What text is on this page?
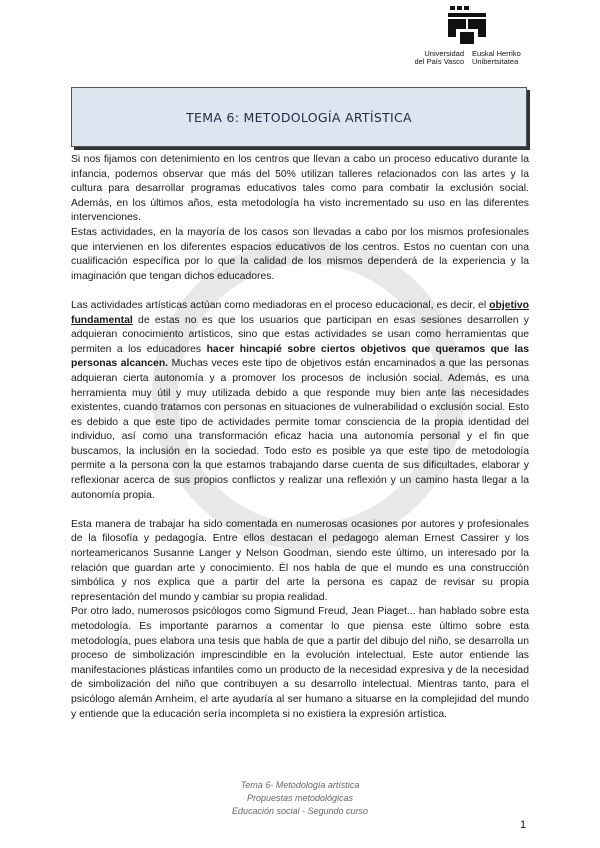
Universidad
del País Vasco
Euskal Herriko
Unibertsitatea
TEMA 6: METODOLOGÍA ARTÍSTICA

Si nos fijamos con detenimiento en los centros que llevan a cabo un proceso educativo durante la infancia, podemos observar que más del 50% utilizan talleres relacionados con las artes y la cultura para desarrollar programas educativos tales como para combatir la exclusión social. Además, en los últimos años, esta metodología ha visto incrementado su uso en las diferentes intervenciones.

Estas actividades, en la mayoría de los casos son llevadas a cabo por los mismos profesionales que intervienen en los diferentes espacios educativos de los centros. Estos no cuentan con una cualificación específica por lo que la calidad de los mismos dependerá de la experiencia y la imaginación que tengan dichos educadores.

Las actividades artísticas actúan como mediadoras en el proceso educacional, es decir, el objetivo fundamental de estas no es que los usuarios que participan en esas sesiones desarrollen y adquieran conocimiento artísticos, sino que estas actividades se usan como herramientas que permiten a los educadores hacer hincapié sobre ciertos objetivos que queramos que las personas alcancen. Muchas veces este tipo de objetivos están encaminados a que las personas adquieran cierta autonomía y a promover los procesos de inclusión social. Además, es una herramienta muy útil y muy utilizada debido a que responde muy bien ante las necesidades existentes, cuando tratamos con personas en situaciones de vulnerabilidad o exclusión social. Esto es debido a que este tipo de actividades permite tomar consciencia de la propia identidad del individuo, así como una transformación eficaz hacia una autonomía personal y el fin que buscamos, la inclusión en la sociedad. Todo esto es posible ya que este tipo de metodología permite a la persona con la que estamos trabajando darse cuenta de sus dificultades, elaborar y reflexionar acerca de sus propios conflictos y realizar una reflexión y un camino hasta llegar a la autonomía propia.

Esta manera de trabajar ha sido comentada en numerosas ocasiones por autores y profesionales de la filosofía y pedagogía. Entre ellos destacan el pedagogo aleman Ernest Cassirer y los norteamericanos Susanne Langer y Nelson Goodman, siendo este último, un interesado por la relación que guardan arte y conocimiento. Él nos habla de que el mundo es una construcción simbólica y nos explica que a partir del arte la persona es capaz de revisar su propia representación del mundo y cambiar su propia realidad.

Por otro lado, numerosos psicólogos como Sigmund Freud, Jean Piaget... han hablado sobre esta metodología. Es importante pararnos a comentar lo que piensa este último sobre esta metodología, pues elabora una tesis que habla de que a partir del dibujo del niño, se desarrolla un proceso de simbolización imprescindible en la evolución intelectual. Este autor entiende las manifestaciones plásticas infantiles como un producto de la necesidad expresiva y de la necesidad de simbolización del niño que contribuyen a su desarrollo intelectual. Mientras tanto, para el psicólogo alemán Arnheim, el arte ayudaría al ser humano a situarse en la complejidad del mundo y entiende que la educación sería incompleta si no existiera la expresión artística.

Tema 6- Metodología artística
Propuestas metodológicas
Educación social - Segundo curso
1
